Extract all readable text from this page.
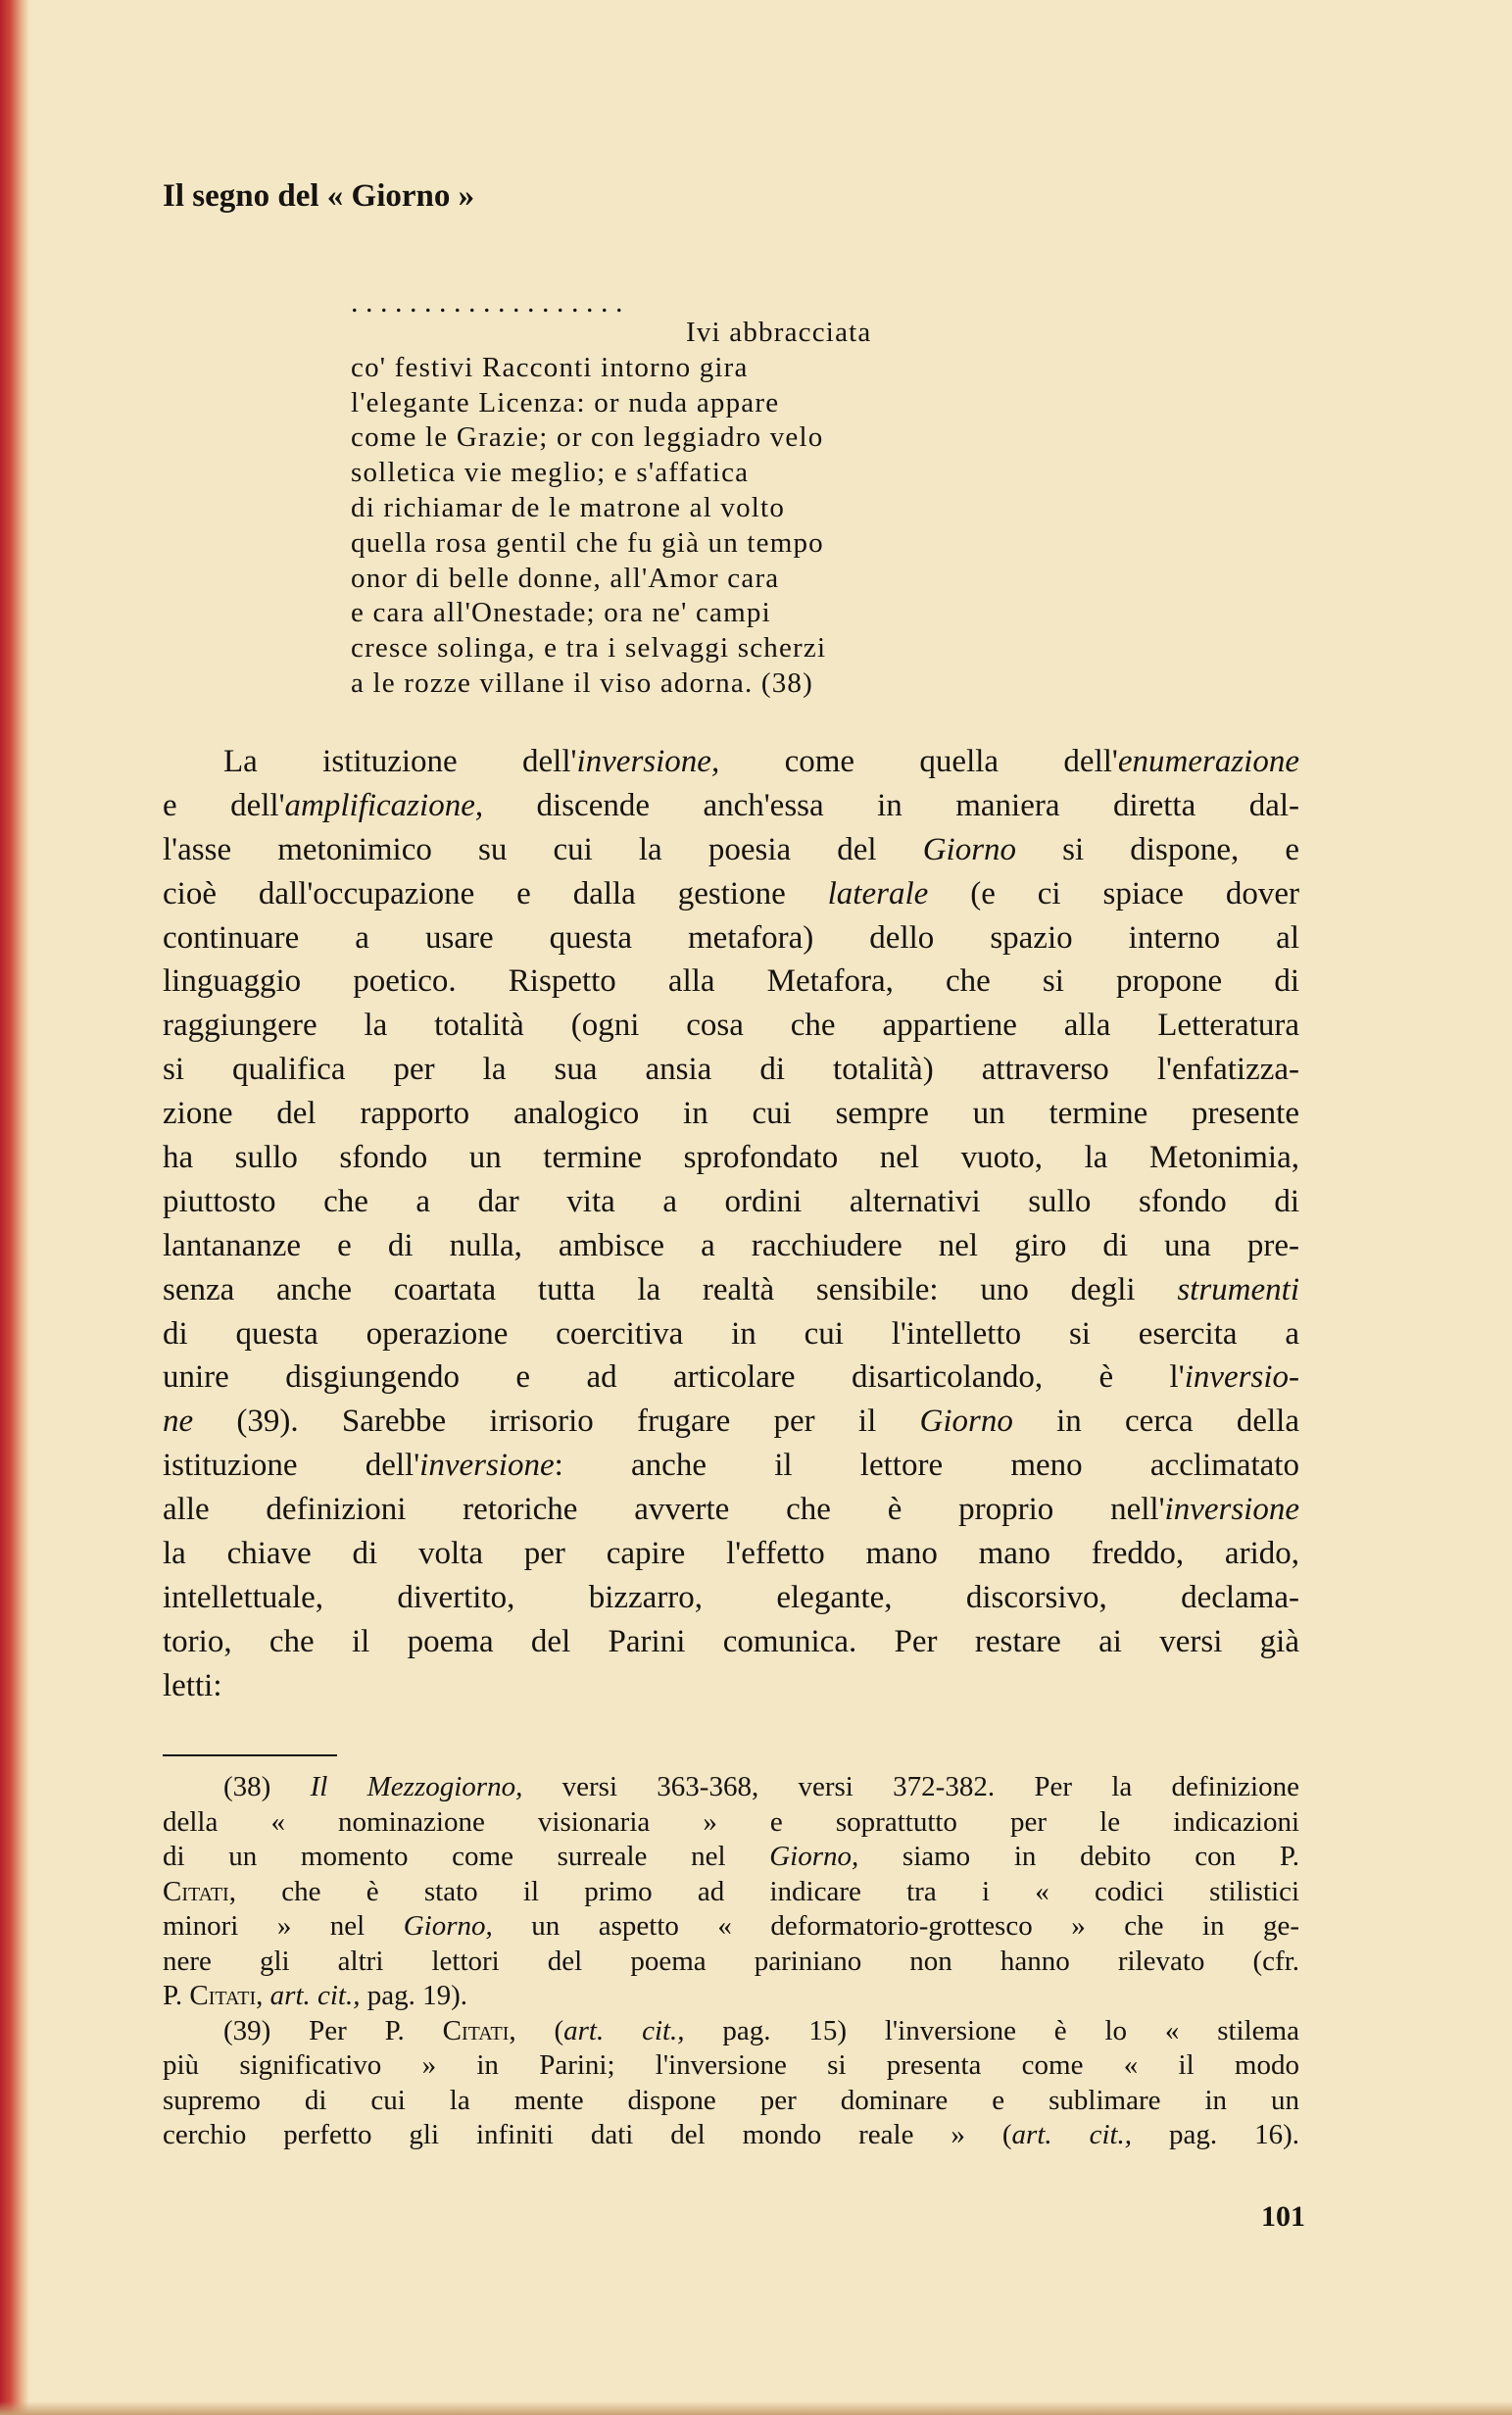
Il segno del « Giorno »
. . . . . . . . . . . . . . . . . . .
Ivi abbracciata
co' festivi Racconti intorno gira
l'elegante Licenza: or nuda appare
come le Grazie; or con leggiadro velo
solletica vie meglio; e s'affatica
di richiamar de le matrone al volto
quella rosa gentil che fu già un tempo
onor di belle donne, all'Amor cara
e cara all'Onestade; ora ne' campi
cresce solinga, e tra i selvaggi scherzi
a le rozze villane il viso adorna. (38)

La istituzione dell'inversione, come quella dell'enumerazione
e dell'amplificazione, discende anch'essa in maniera diretta dal-
l'asse metonimico su cui la poesia del Giorno si dispone, e
cioè dall'occupazione e dalla gestione laterale (e ci spiace dover
continuare a usare questa metafora) dello spazio interno al
linguaggio poetico. Rispetto alla Metafora, che si propone di
raggiungere la totalità (ogni cosa che appartiene alla Letteratura
si qualifica per la sua ansia di totalità) attraverso l'enfatizza-
zione del rapporto analogico in cui sempre un termine presente
ha sullo sfondo un termine sprofondato nel vuoto, la Metonimia,
piuttosto che a dar vita a ordini alternativi sullo sfondo di
lantananze e di nulla, ambisce a racchiudere nel giro di una pre-
senza anche coartata tutta la realtà sensibile: uno degli strumenti
di questa operazione coercitiva in cui l'intelletto si esercita a
unire disgiungendo e ad articolare disarticolando, è l'inversio-
ne (39). Sarebbe irrisorio frugare per il Giorno in cerca della
istituzione dell'inversione: anche il lettore meno acclimatato
alle definizioni retoriche avverte che è proprio nell'inversione
la chiave di volta per capire l'effetto mano mano freddo, arido,
intellettuale, divertito, bizzarro, elegante, discorsivo, declama-
torio, che il poema del Parini comunica. Per restare ai versi già
letti:

(38) Il Mezzogiorno, versi 363-368, versi 372-382. Per la definizione
della « nominazione visionaria » e soprattutto per le indicazioni
di un momento come surreale nel Giorno, siamo in debito con P.
Citati, che è stato il primo ad indicare tra i « codici stilistici
minori » nel Giorno, un aspetto « deformatorio-grottesco » che in ge-
nere gli altri lettori del poema pariniano non hanno rilevato (cfr.
P. Citati, art. cit., pag. 19).
(39) Per P. Citati, (art. cit., pag. 15) l'inversione è lo « stilema
più significativo » in Parini; l'inversione si presenta come « il modo
supremo di cui la mente dispone per dominare e sublimare in un
cerchio perfetto gli infiniti dati del mondo reale » (art. cit., pag. 16).
101
